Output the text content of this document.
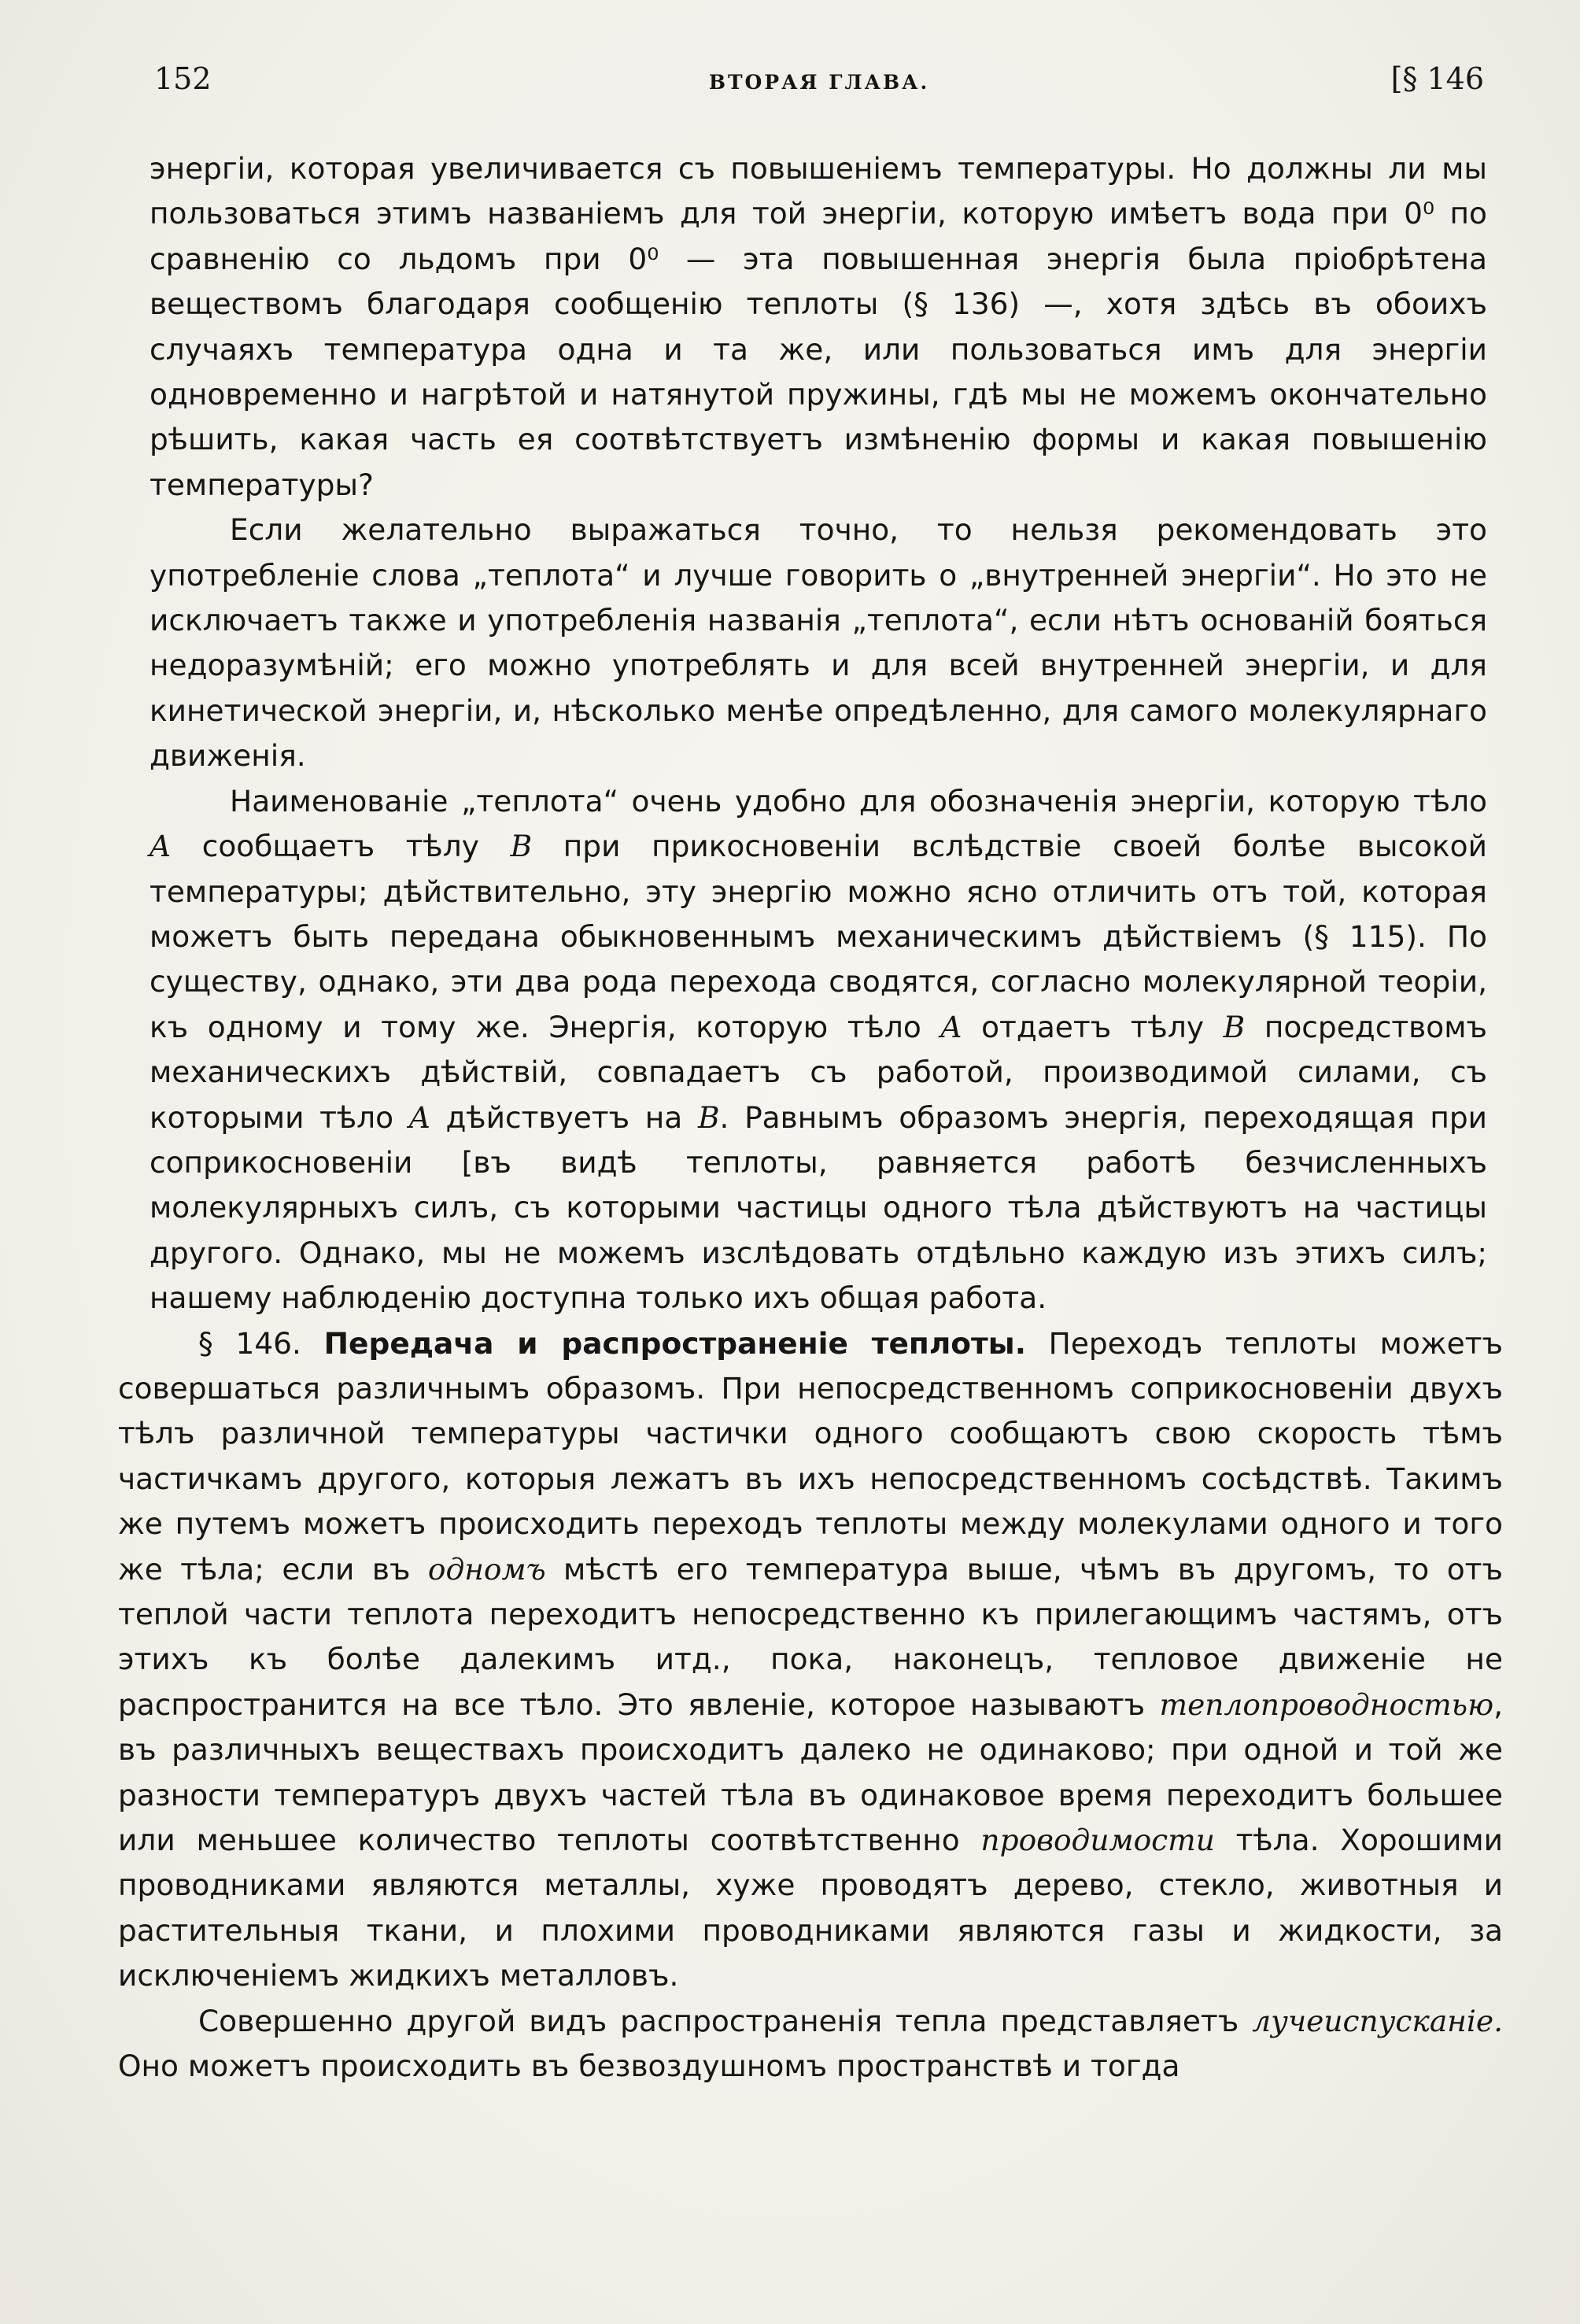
152	ВТОРАЯ ГЛАВА.	[§ 146

энергіи, которая увеличивается съ повышеніемъ температуры. Но должны ли мы пользоваться этимъ названіемъ для той энергіи, которую имѣетъ вода при 0⁰ по сравненію со льдомъ при 0⁰ — эта повышенная энергія была пріобрѣтена веществомъ благодаря сообщенію теплоты (§ 136) —, хотя здѣсь въ обоихъ случаяхъ температура одна и та же, или пользоваться имъ для энергіи одновременно и нагрѣтой и натянутой пружины, гдѣ мы не можемъ окончательно рѣшить, какая часть ея соотвѣтствуетъ измѣненію формы и какая повышенію температуры?

Если желательно выражаться точно, то нельзя рекомендовать это употребленіе слова „теплота“ и лучше говорить о „внутренней энергіи“. Но это не исключаетъ также и употребленія названія „теплота“, если нѣтъ основаній бояться недоразумѣній; его можно употреблять и для всей внутренней энергіи, и для кинетической энергіи, и, нѣсколько менѣе опредѣленно, для самого молекулярнаго движенія.

Наименованіе „теплота“ очень удобно для обозначенія энергіи, которую тѣло A сообщаетъ тѣлу B при прикосновеніи вслѣдствіе своей болѣе высокой температуры; дѣйствительно, эту энергію можно ясно отличить отъ той, которая можетъ быть передана обыкновеннымъ механическимъ дѣйствіемъ (§ 115). По существу, однако, эти два рода перехода сводятся, согласно молекулярной теоріи, къ одному и тому же. Энергія, которую тѣло A отдаетъ тѣлу B посредствомъ механическихъ дѣйствій, совпадаетъ съ работой, производимой силами, съ которыми тѣло A дѣйствуетъ на B. Равнымъ образомъ энергія, переходящая при соприкосновеніи [въ видѣ теплоты, равняется работѣ безчисленныхъ молекулярныхъ силъ, съ которыми частицы одного тѣла дѣйствуютъ на частицы другого. Однако, мы не можемъ изслѣдовать отдѣльно каждую изъ этихъ силъ; нашему наблюденію доступна только ихъ общая работа.

§ 146. Передача и распространеніе теплоты. Переходъ теплоты можетъ совершаться различнымъ образомъ. При непосредственномъ соприкосновеніи двухъ тѣлъ различной температуры частички одного сообщаютъ свою скорость тѣмъ частичкамъ другого, которыя лежатъ въ ихъ непосредственномъ сосѣдствѣ. Такимъ же путемъ можетъ происходить переходъ теплоты между молекулами одного и того же тѣла; если въ одномъ мѣстѣ его температура выше, чѣмъ въ другомъ, то отъ теплой части теплота переходитъ непосредственно къ прилегающимъ частямъ, отъ этихъ къ болѣе далекимъ итд., пока, наконецъ, тепловое движеніе не распространится на все тѣло. Это явленіе, которое называютъ теплопроводностью, въ различныхъ веществахъ происходитъ далеко не одинаково; при одной и той же разности температуръ двухъ частей тѣла въ одинаковое время переходитъ большее или меньшее количество теплоты соотвѣтственно проводимости тѣла. Хорошими проводниками являются металлы, хуже проводятъ дерево, стекло, животныя и растительныя ткани, и плохими проводниками являются газы и жидкости, за исключеніемъ жидкихъ металловъ.

Совершенно другой видъ распространенія тепла представляетъ лучеиспусканіе. Оно можетъ происходить въ безвоздушномъ пространствѣ и тогда
